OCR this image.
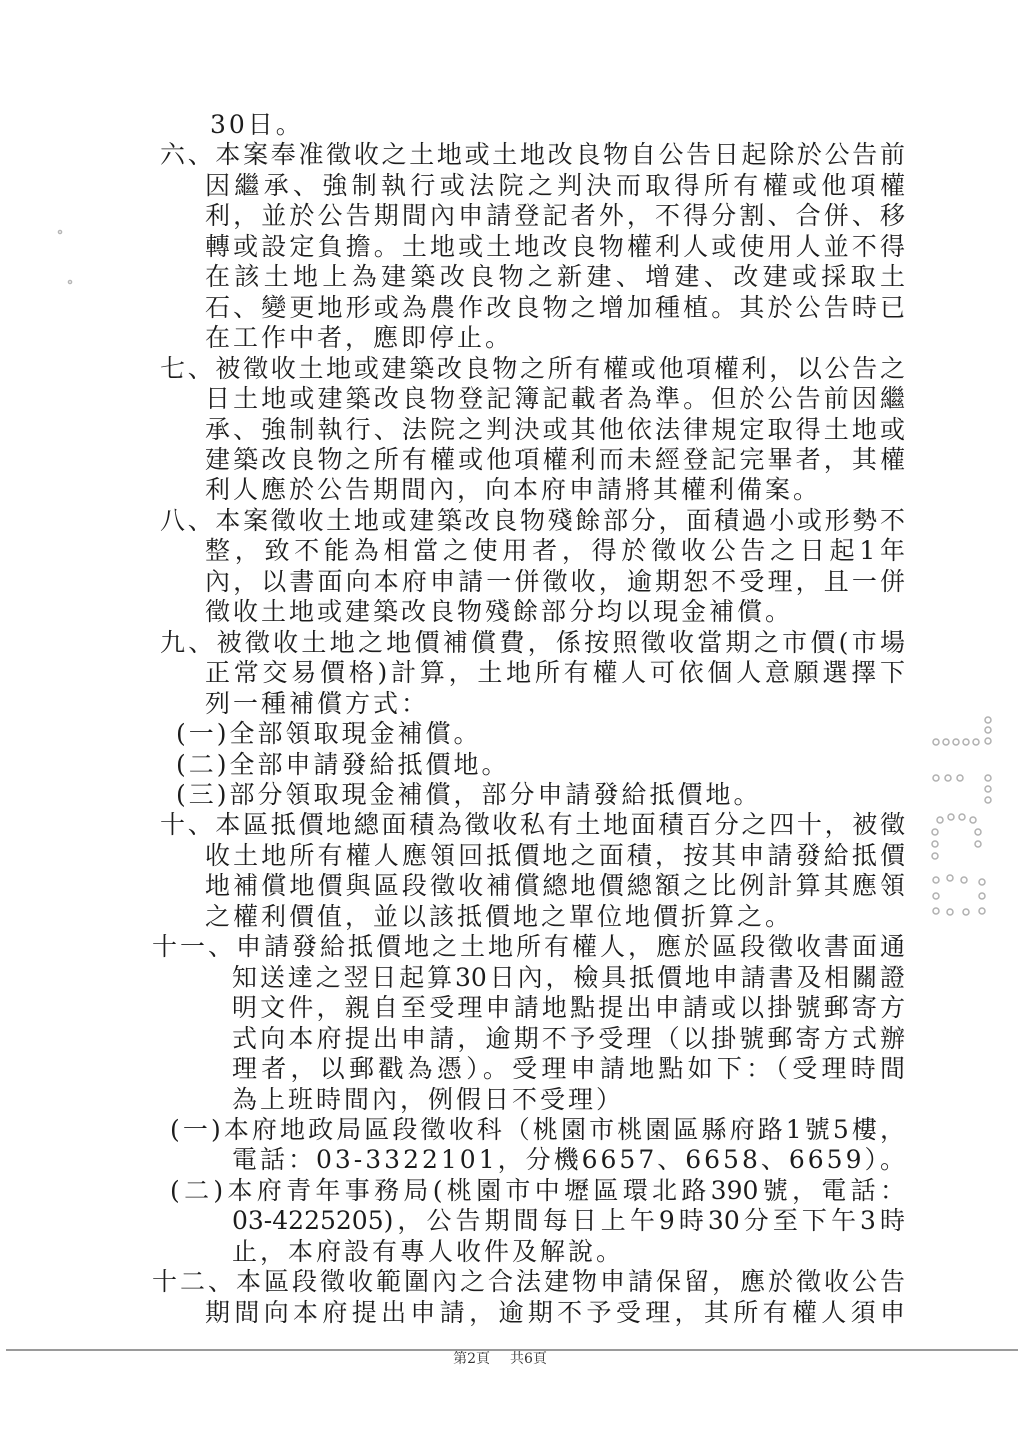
30日。
六、本案奉准徵收之土地或土地改良物自公告日起除於公告前
因繼承、強制執行或法院之判決而取得所有權或他項權
利，並於公告期間內申請登記者外，不得分割、合併、移
轉或設定負擔。土地或土地改良物權利人或使用人並不得
在該土地上為建築改良物之新建、增建、改建或採取土
石、變更地形或為農作改良物之增加種植。其於公告時已
在工作中者，應即停止。
七、被徵收土地或建築改良物之所有權或他項權利，以公告之
日土地或建築改良物登記簿記載者為準。但於公告前因繼
承、強制執行、法院之判決或其他依法律規定取得土地或
建築改良物之所有權或他項權利而未經登記完畢者，其權
利人應於公告期間內，向本府申請將其權利備案。
八、本案徵收土地或建築改良物殘餘部分，面積過小或形勢不
整，致不能為相當之使用者，得於徵收公告之日起1年
內，以書面向本府申請一併徵收，逾期恕不受理，且一併
徵收土地或建築改良物殘餘部分均以現金補償。
九、被徵收土地之地價補償費，係按照徵收當期之市價(市場
正常交易價格)計算，土地所有權人可依個人意願選擇下
列一種補償方式：
(一)全部領取現金補償。
(二)全部申請發給抵價地。
(三)部分領取現金補償，部分申請發給抵價地。
十、本區抵價地總面積為徵收私有土地面積百分之四十，被徵
收土地所有權人應領回抵價地之面積，按其申請發給抵價
地補償地價與區段徵收補償總地價總額之比例計算其應領
之權利價值，並以該抵價地之單位地價折算之。
十一、申請發給抵價地之土地所有權人，應於區段徵收書面通
知送達之翌日起算30日內，檢具抵價地申請書及相關證
明文件，親自至受理申請地點提出申請或以掛號郵寄方
式向本府提出申請，逾期不予受理（以掛號郵寄方式辦
理者，以郵戳為憑）。受理申請地點如下：（受理時間
為上班時間內，例假日不受理）
(一)本府地政局區段徵收科（桃園市桃園區縣府路1號5樓，
電話：03-3322101，分機6657、6658、6659）。
(二)本府青年事務局(桃園市中壢區環北路390號，電話：
03-4225205)，公告期間每日上午9時30分至下午3時
止，本府設有專人收件及解說。
十二、本區段徵收範圍內之合法建物申請保留，應於徵收公告
期間向本府提出申請，逾期不予受理，其所有權人須申
第2頁 共6頁
